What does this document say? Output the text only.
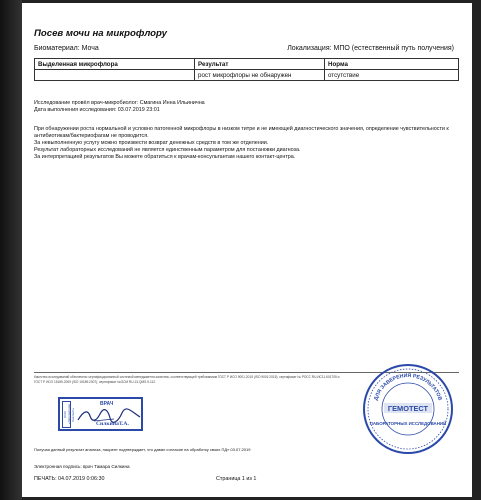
Посев мочи на микрофлору
Биоматериал: Моча	Локализация: МПО (естественный путь получения)
Выделенная микрофлора	Результат	Норма
	рост микрофлоры не обнаружен	отсутствие
Исследование провёл врач-микробиолог: Смагина Инна Ильинична
Дата выполнения исследования: 03.07.2019 23:01
При обнаружении роста нормальной и условно патогенной микрофлоры в низком титре и не имеющей диагностического значения, определение чувствительности к антибиотикам/бактериофагам не проводится.
За невыполненную услугу можно произвести возврат денежных средств в том же отделении.
Результат лабораторных исследований не является единственным параметром для постановки диагноза.
За интерпретацией результатов Вы можете обратиться к врачам-консультантам нашего контакт-центра.
Качество исследований обеспечено сертифицированной системой менеджмента качества, соответствующей требованиям ГОСТ Р ИСО 9001-2015 (ISO 9001:2015), сертификат № РОСС RU.ИС11.К01705 и ГОСТ Р ИСО 15189-2009 (ISO 15189:2007), сертификат №ОСМ RU.13-QМS.9-112.
ООО «Лаборатория Гемотест»
ВРАЧ
СилкинаТ.А.
ДЛЯ ЗАВЕРЕНИЯ РЕЗУЛЬТАТОВ
ГЕМОТЕСТ
ЛАБОРАТОРНЫХ ИССЛЕДОВАНИЙ
Получая данный результат анализа, пациент подтверждает, что давал согласие на обработку своих ПД» 03.07.2019
Электронная подпись: врач Тамара Силкина
ПЕЧАТЬ: 04.07.2019 0:06:30	Страница 1 из 1
